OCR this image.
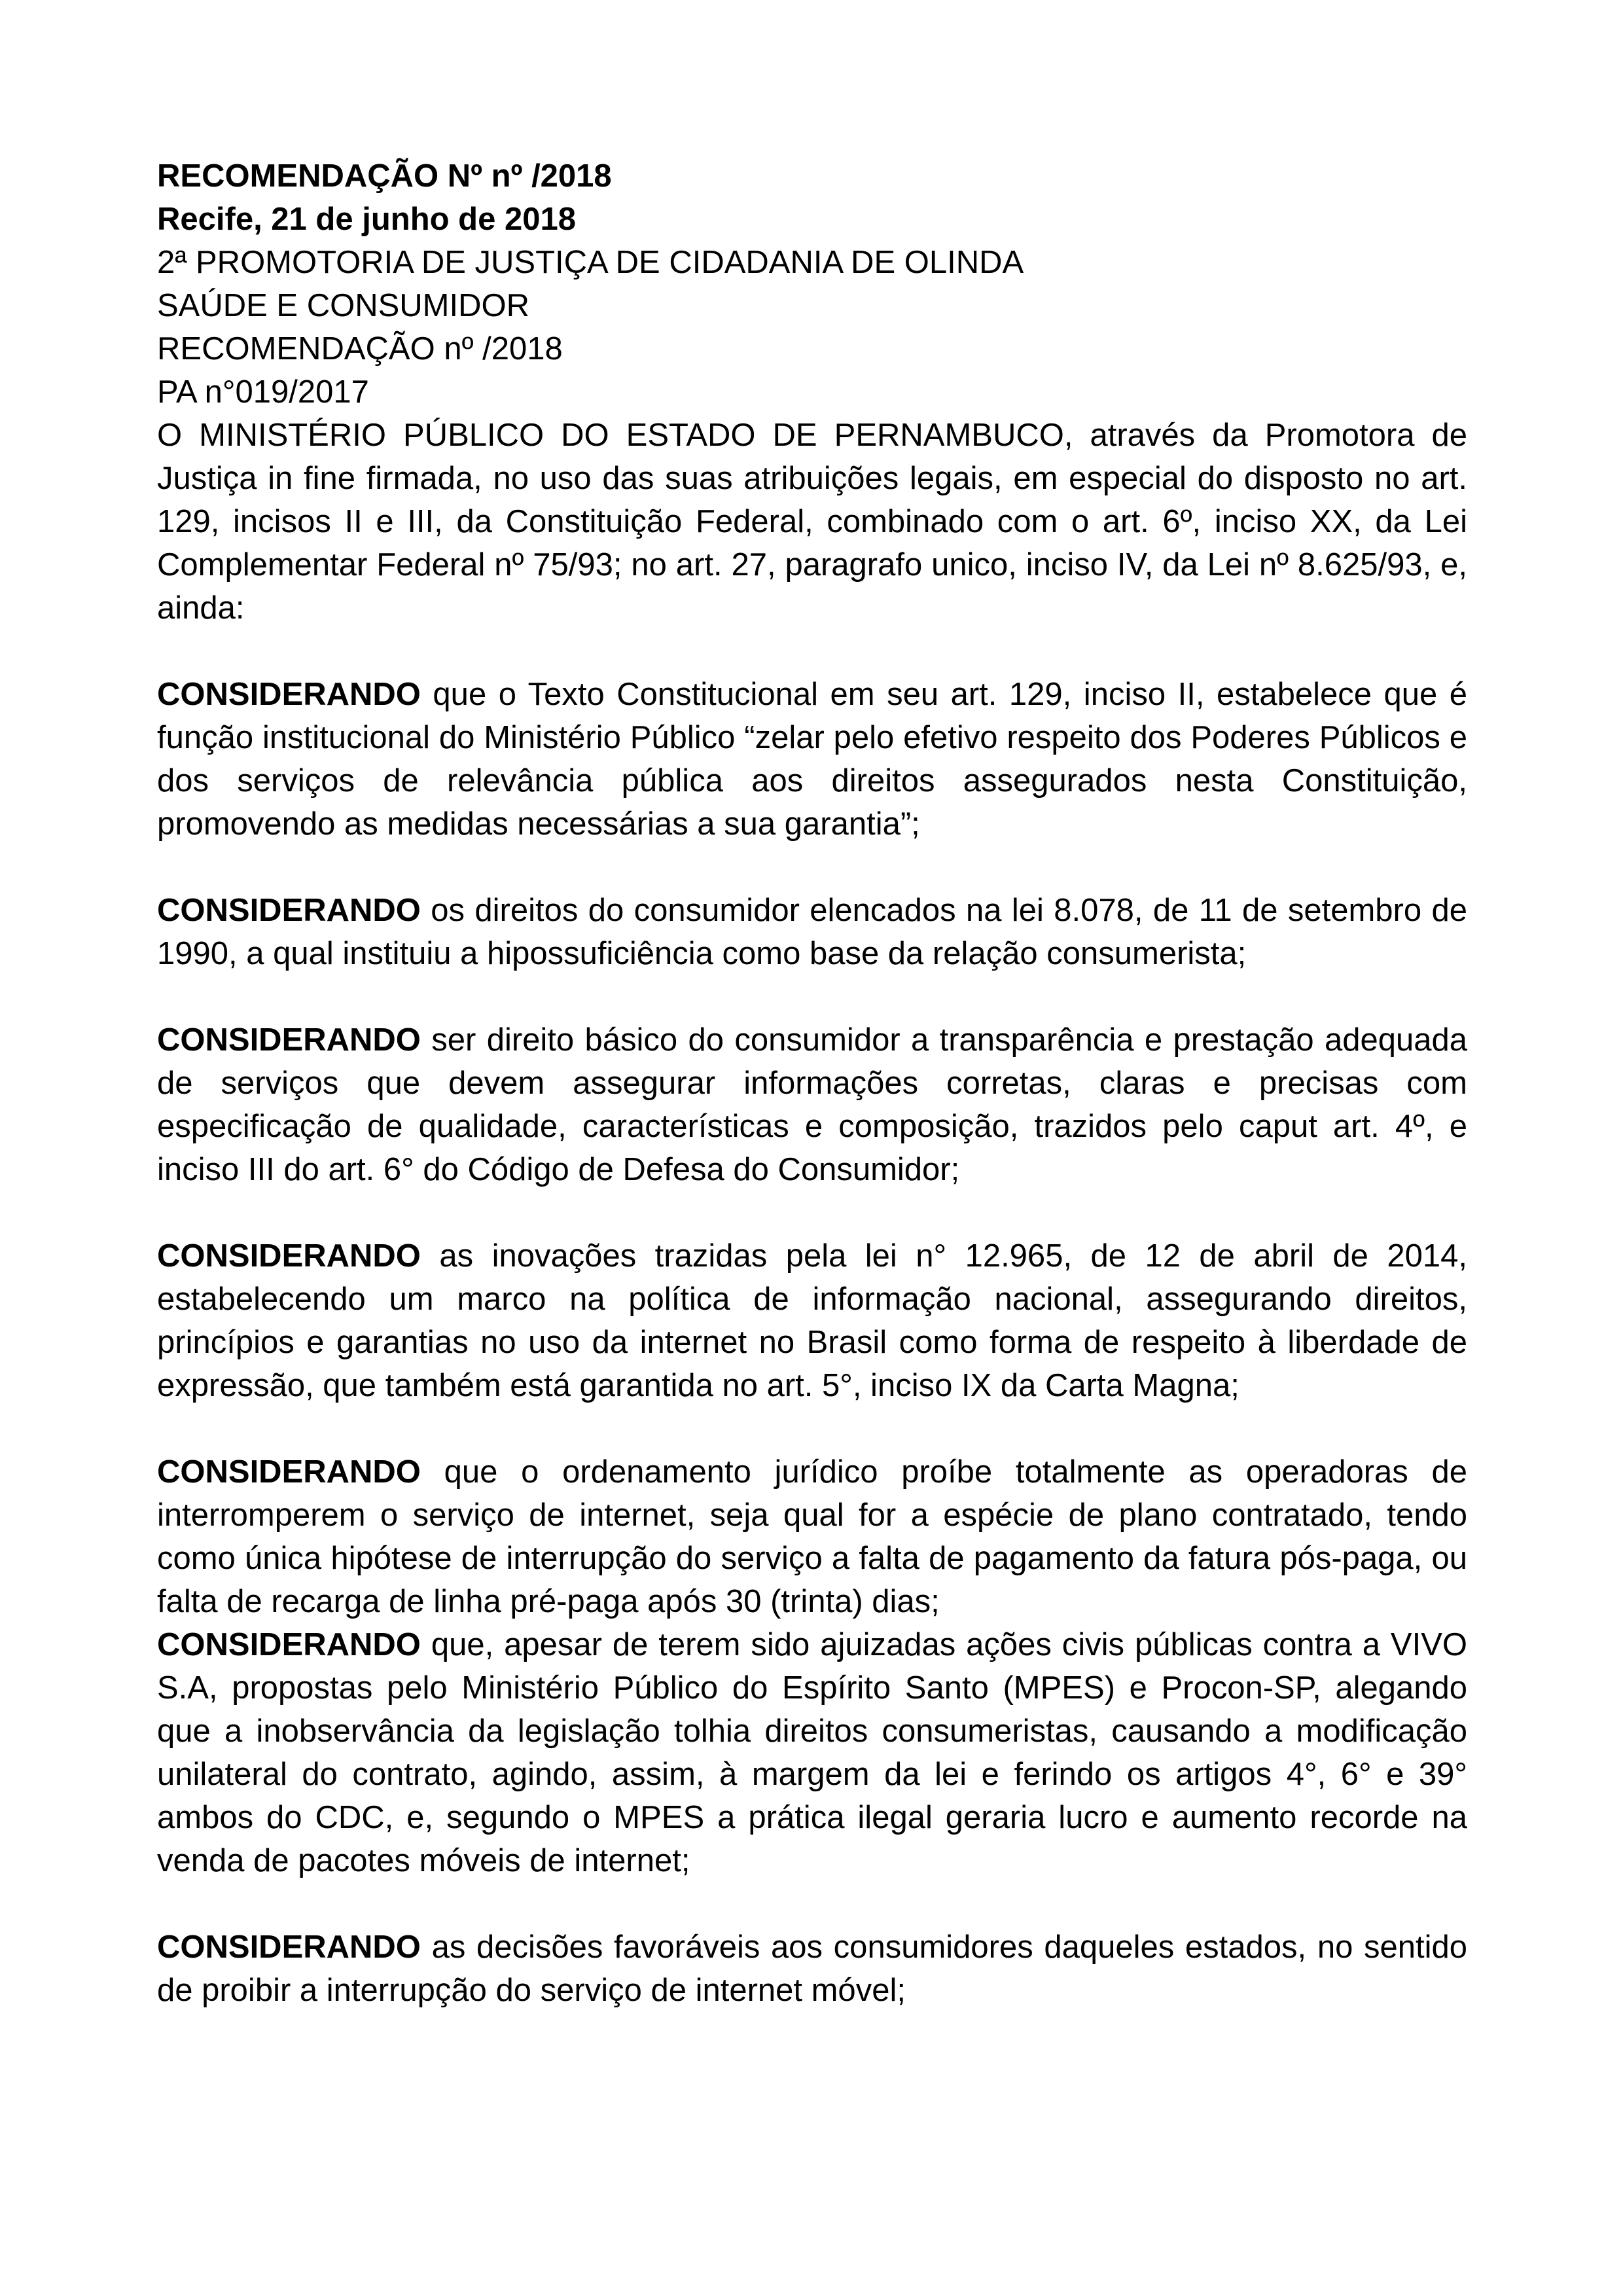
RECOMENDAÇÃO Nº nº /2018

Recife, 21 de junho de 2018

2ª PROMOTORIA DE JUSTIÇA DE CIDADANIA DE OLINDA

SAÚDE E CONSUMIDOR

RECOMENDAÇÃO nº /2018

PA n°019/2017

O MINISTÉRIO PÚBLICO DO ESTADO DE PERNAMBUCO, através da Promotora de Justiça in fine firmada, no uso das suas atribuições legais, em especial do disposto no art. 129, incisos II e III, da Constituição Federal, combinado com o art. 6º, inciso XX, da Lei Complementar Federal nº 75/93; no art. 27, paragrafo unico, inciso IV, da Lei nº 8.625/93, e, ainda:

CONSIDERANDO que o Texto Constitucional em seu art. 129, inciso II, estabelece que é função institucional do Ministério Público “zelar pelo efetivo respeito dos Poderes Públicos e dos serviços de relevância pública aos direitos assegurados nesta Constituição, promovendo as medidas necessárias a sua garantia”;

CONSIDERANDO os direitos do consumidor elencados na lei 8.078, de 11 de setembro de 1990, a qual instituiu a hipossuficiência como base da relação consumerista;

CONSIDERANDO ser direito básico do consumidor a transparência e prestação adequada de serviços que devem assegurar informações corretas, claras e precisas com especificação de qualidade, características e composição, trazidos pelo caput art. 4º, e inciso III do art. 6° do Código de Defesa do Consumidor;

CONSIDERANDO as inovações trazidas pela lei n° 12.965, de 12 de abril de 2014, estabelecendo um marco na política de informação nacional, assegurando direitos, princípios e garantias no uso da internet no Brasil como forma de respeito à liberdade de expressão, que também está garantida no art. 5°, inciso IX da Carta Magna;

CONSIDERANDO que o ordenamento jurídico proíbe totalmente as operadoras de interromperem o serviço de internet, seja qual for a espécie de plano contratado, tendo como única hipótese de interrupção do serviço a falta de pagamento da fatura pós-paga, ou falta de recarga de linha pré-paga após 30 (trinta) dias;

CONSIDERANDO que, apesar de terem sido ajuizadas ações civis públicas contra a VIVO S.A, propostas pelo Ministério Público do Espírito Santo (MPES) e Procon-SP, alegando que a inobservância da legislação tolhia direitos consumeristas, causando a modificação unilateral do contrato, agindo, assim, à margem da lei e ferindo os artigos 4°, 6° e 39° ambos do CDC, e, segundo o MPES a prática ilegal geraria lucro e aumento recorde na venda de pacotes móveis de internet;

CONSIDERANDO as decisões favoráveis aos consumidores daqueles estados, no sentido de proibir a interrupção do serviço de internet móvel;
